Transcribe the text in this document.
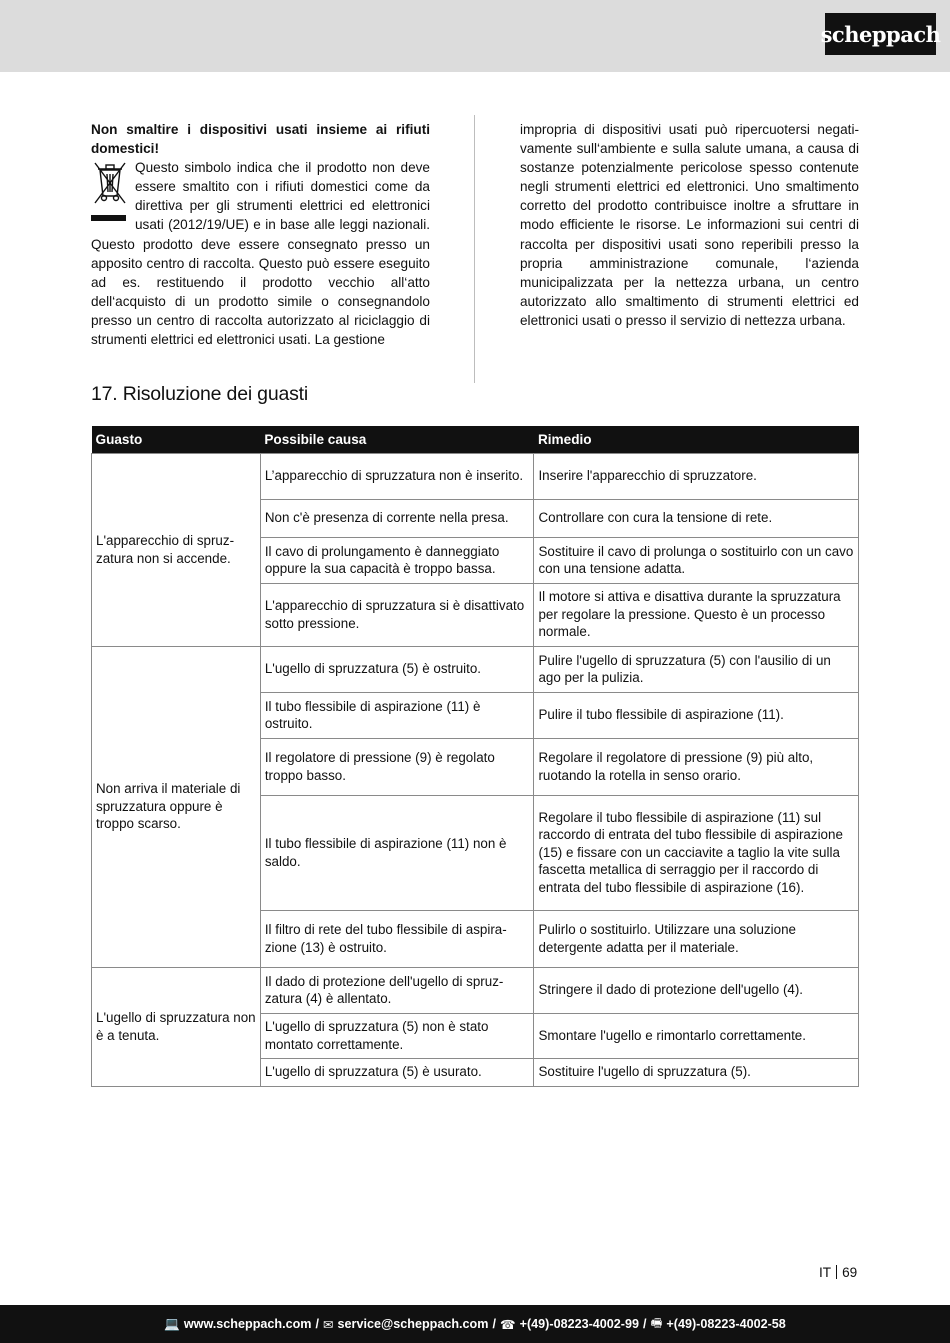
scheppach

Non smaltire i dispositivi usati insieme ai rifiuti domestici!

Questo simbolo indica che il prodotto non deve essere smaltito con i rifiuti domestici come da direttiva per gli strumenti elettrici ed elettronici usati (2012/19/UE) e in base alle leggi nazionali. Questo prodotto deve essere consegnato presso un apposito centro di raccolta. Questo può essere eseguito ad es. restituendo il prodotto vecchio all‘atto dell‘acquisto di un prodotto simile o consegnandolo presso un centro di raccolta autorizzato al riciclaggio di strumenti elettrici ed elettronici usati. La gestione

impropria di dispositivi usati può ripercuotersi negativamente sull‘ambiente e sulla salute umana, a causa di sostanze potenzialmente pericolose spesso contenute negli strumenti elettrici ed elettronici. Uno smaltimento corretto del prodotto contribuisce inoltre a sfruttare in modo efficiente le risorse. Le informazioni sui centri di raccolta per dispositivi usati sono reperibili presso la propria amministrazione comunale, l‘azienda municipalizzata per la nettezza urbana, un centro autorizzato allo smaltimento di strumenti elettrici ed elettronici usati o presso il servizio di nettezza urbana.

17. Risoluzione dei guasti
Guasto	Possibile causa	Rimedio
L'apparecchio di spruzzatura non si accende.	L’apparecchio di spruzzatura non è inserito.	Inserire l'apparecchio di spruzzatore.
	Non c'è presenza di corrente nella presa.	Controllare con cura la tensione di rete.
	Il cavo di prolungamento è danneggiato oppure la sua capacità è troppo bassa.	Sostituire il cavo di prolunga o sostituirlo con un cavo con una tensione adatta.
	L'apparecchio di spruzzatura si è disattivato sotto pressione.	Il motore si attiva e disattiva durante la spruzzatura per regolare la pressione. Questo è un processo normale.
Non arriva il materiale di spruzzatura oppure è troppo scarso.	L'ugello di spruzzatura (5) è ostruito.	Pulire l'ugello di spruzzatura (5) con l'ausilio di un ago per la pulizia.
	Il tubo flessibile di aspirazione (11) è ostruito.	Pulire il tubo flessibile di aspirazione (11).
	Il regolatore di pressione (9) è regolato troppo basso.	Regolare il regolatore di pressione (9) più alto, ruotando la rotella in senso orario.
	Il tubo flessibile di aspirazione (11) non è saldo.	Regolare il tubo flessibile di aspirazione (11) sul raccordo di entrata del tubo flessibile di aspirazione (15) e fissare con un cacciavite a taglio la vite sulla fascetta metallica di serraggio per il raccordo di entrata del tubo flessibile di aspirazione (16).
	Il filtro di rete del tubo flessibile di aspirazione (13) è ostruito.	Pulirlo o sostituirlo. Utilizzare una soluzione detergente adatta per il materiale.
L'ugello di spruzzatura non è a tenuta.	Il dado di protezione dell'ugello di spruzzatura (4) è allentato.	Stringere il dado di protezione dell'ugello (4).
	L'ugello di spruzzatura (5) non è stato montato correttamente.	Smontare l'ugello e rimontarlo correttamente.
	L'ugello di spruzzatura (5) è usurato.	Sostituire l'ugello di spruzzatura (5).
IT 69
💻 www.scheppach.com / ✉ service@scheppach.com / ☎ +(49)-08223-4002-99 / 🖷 +(49)-08223-4002-58
